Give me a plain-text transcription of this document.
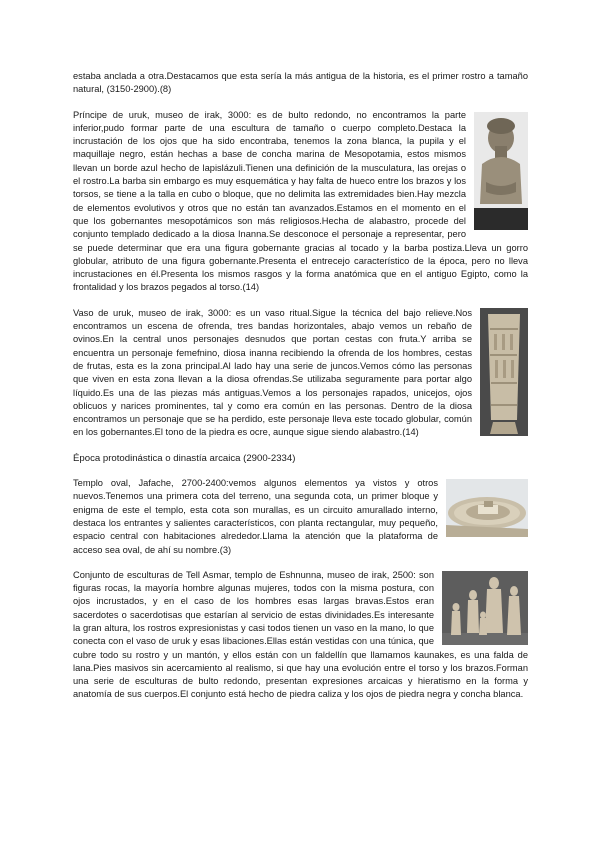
estaba anclada a otra.Destacamos que esta sería la más antigua de la historia, es el primer rostro a tamaño natural, (3150-2900).(8)

Príncipe de uruk, museo de irak, 3000: es de bulto redondo, no encontramos la parte inferior,pudo formar parte de una escultura de tamaño o cuerpo completo.Destaca la incrustación de los ojos que ha sido encontraba, tenemos la zona blanca, la pupila y el maquillaje negro, están hechas a base de concha marina de Mesopotamia, estos mismos llevan un borde azul hecho de lapislázuli.Tienen una definición de la musculatura, las orejas o el rostro.La barba sin embargo es muy esquemática y hay falta de hueco entre los brazos y los torsos, se tiene a la talla en cubo o bloque, que no delimita las extremidades bien.Hay mezcla de elementos evolutivos y otros que no están tan avanzados.Estamos en el momento en el que los gobernantes mesopotámicos son más religiosos.Hecha de alabastro, procede del conjunto templado dedicado a la diosa Inanna.Se desconoce el personaje a representar, pero se puede determinar que era una figura gobernante gracias al tocado y la barba postiza.Lleva un gorro globular, atributo de una figura gobernante.Presenta el entrecejo característico de la época, pero no lleva incrustaciones en él.Presenta los mismos rasgos y la forma anatómica que en el antiguo Egipto, como la frontalidad y los brazos pegados al torso.(14)

Vaso de uruk, museo de irak, 3000: es un vaso ritual.Sigue la técnica del bajo relieve.Nos encontramos un escena de ofrenda, tres bandas horizontales, abajo vemos un rebaño de ovinos.En la central unos personajes desnudos que portan cestas con fruta.Y arriba se encuentra un personaje femefnino, diosa inanna recibiendo la ofrenda de los hombres, cestas de frutas, esta es la zona principal.Al lado hay una serie de juncos.Vemos cómo las personas que viven en esta zona llevan a la diosa ofrendas.Se utilizaba seguramente para portar algo líquido.Es una de las piezas más antiguas.Vemos a los personajes rapados, unicejos, ojos oblicuos y narices prominentes, tal y como era común en las personas. Dentro de la diosa encontramos un personaje que se ha perdido, este personaje lleva este tocado globular, común en los gobernantes.El tono de la piedra es ocre, aunque sigue siendo alabastro.(14)

Época protodinástica o dinastía arcaica (2900-2334)

Templo oval, Jafache, 2700-2400:vemos algunos elementos ya vistos y otros nuevos.Tenemos una primera cota del terreno, una segunda cota, un primer bloque y enigma de este el templo, esta cota son murallas, es un circuito amurallado interno, destaca los entrantes y salientes característicos, con planta rectangular, muy pequeño, espacio central con habitaciones alrededor.Llama la atención que la plataforma de acceso sea oval, de ahí su nombre.(3)

Conjunto de esculturas de Tell Asmar, templo de Eshnunna, museo de irak, 2500: son figuras rocas, la mayoría hombre algunas mujeres, todos con la misma postura, con ojos incrustados, y en el caso de los hombres esas largas bravas.Estos eran sacerdotes o sacerdotisas que estarían al servicio de estas divinidades.Es interesante la gran altura, los rostros expresionistas y casi todos tienen un vaso en la mano, lo que conecta con el vaso de uruk y esas libaciones.Ellas están vestidas con una túnica, que cubre todo su rostro y un mantón, y ellos están con un faldellín que llamamos kaunakes, es una falda de lana.Pies masivos sin acercamiento al realismo, si que hay una evolución entre el torso y los brazos.Forman una serie de esculturas de bulto redondo, presentan expresiones arcaicas y hieratismo en la forma y anatomía de sus cuerpos.El conjunto está hecho de piedra caliza y los ojos de piedra negra y concha blanca.
